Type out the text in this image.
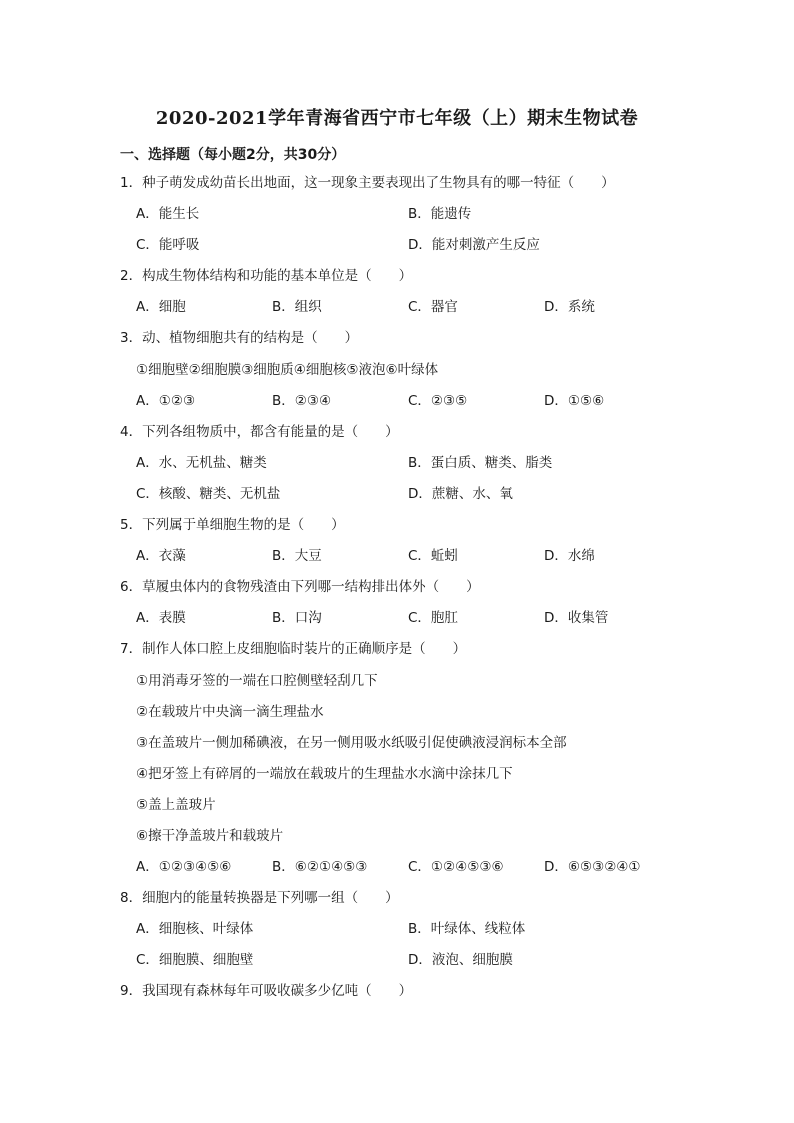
2020-2021学年青海省西宁市七年级（上）期末生物试卷
一、选择题（每小题2分，共30分）
1．种子萌发成幼苗长出地面，这一现象主要表现出了生物具有的哪一特征（　　）
A．能生长	B．能遗传
C．能呼吸	D．能对刺激产生反应
2．构成生物体结构和功能的基本单位是（　　）
A．细胞	B．组织	C．器官	D．系统
3．动、植物细胞共有的结构是（　　）
①细胞壁②细胞膜③细胞质④细胞核⑤液泡⑥叶绿体
A．①②③	B．②③④	C．②③⑤	D．①⑤⑥
4．下列各组物质中，都含有能量的是（　　）
A．水、无机盐、糖类	B．蛋白质、糖类、脂类
C．核酸、糖类、无机盐	D．蔗糖、水、氧
5．下列属于单细胞生物的是（　　）
A．衣藻	B．大豆	C．蚯蚓	D．水绵
6．草履虫体内的食物残渣由下列哪一结构排出体外（　　）
A．表膜	B．口沟	C．胞肛	D．收集管
7．制作人体口腔上皮细胞临时装片的正确顺序是（　　）
①用消毒牙签的一端在口腔侧壁轻刮几下
②在载玻片中央滴一滴生理盐水
③在盖玻片一侧加稀碘液，在另一侧用吸水纸吸引促使碘液浸润标本全部
④把牙签上有碎屑的一端放在载玻片的生理盐水水滴中涂抹几下
⑤盖上盖玻片
⑥擦干净盖玻片和载玻片
A．①②③④⑤⑥	B．⑥②①④⑤③	C．①②④⑤③⑥	D．⑥⑤③②④①
8．细胞内的能量转换器是下列哪一组（　　）
A．细胞核、叶绿体	B．叶绿体、线粒体
C．细胞膜、细胞壁	D．液泡、细胞膜
9．我国现有森林每年可吸收碳多少亿吨（　　）
